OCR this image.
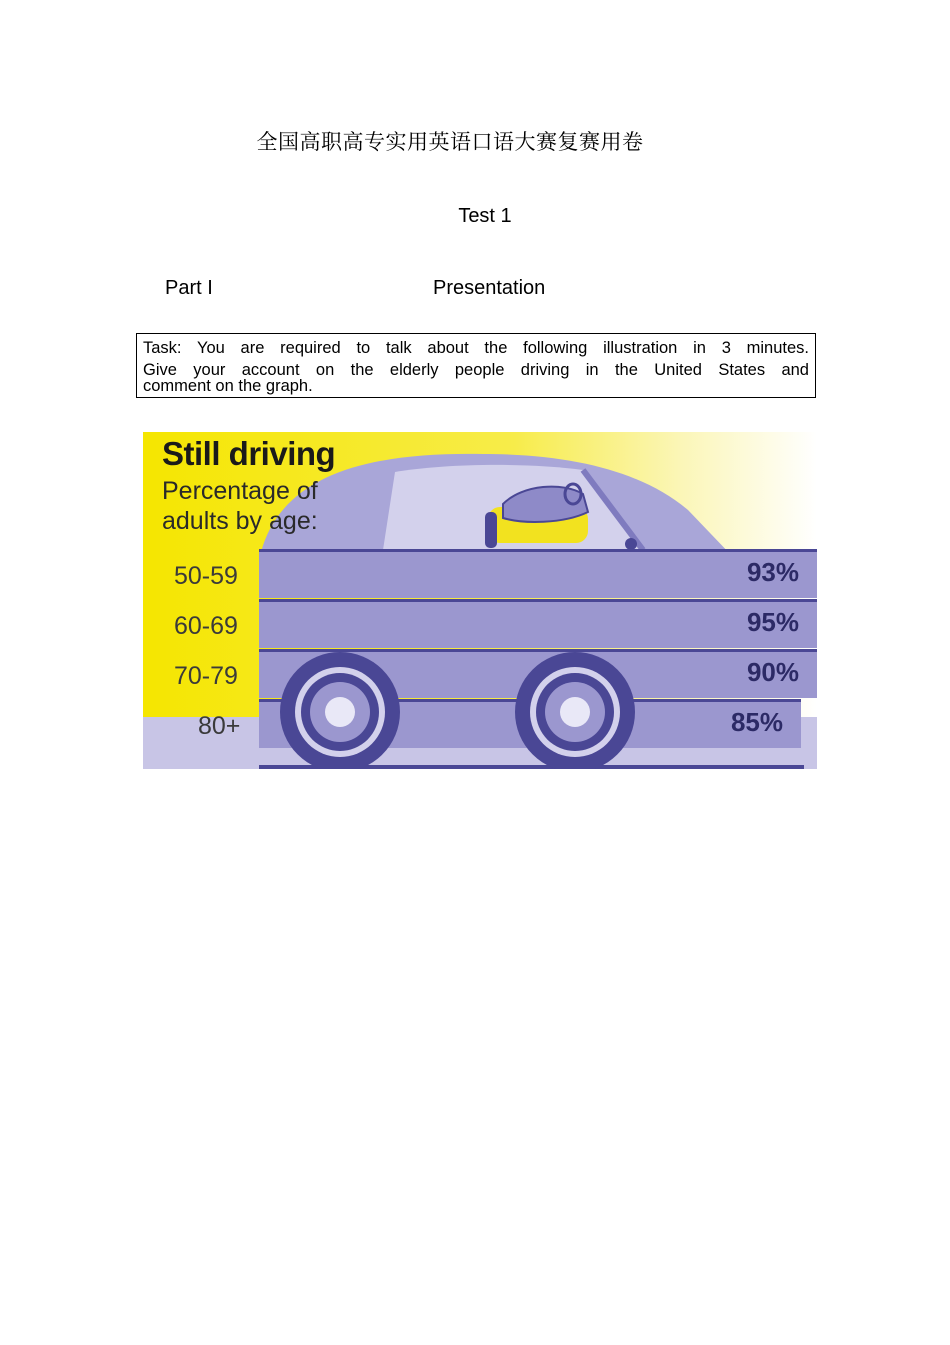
全国高职高专实用英语口语大赛复赛用卷
Test 1
Part I	Presentation
Task: You are required to talk about the following illustration in 3 minutes.
Give your account on the elderly people driving in the United States and
comment on the graph.
50-59	93%
60-69	95%
70-79	90%
80+	85%
Still driving
Percentage of
adults by age:
